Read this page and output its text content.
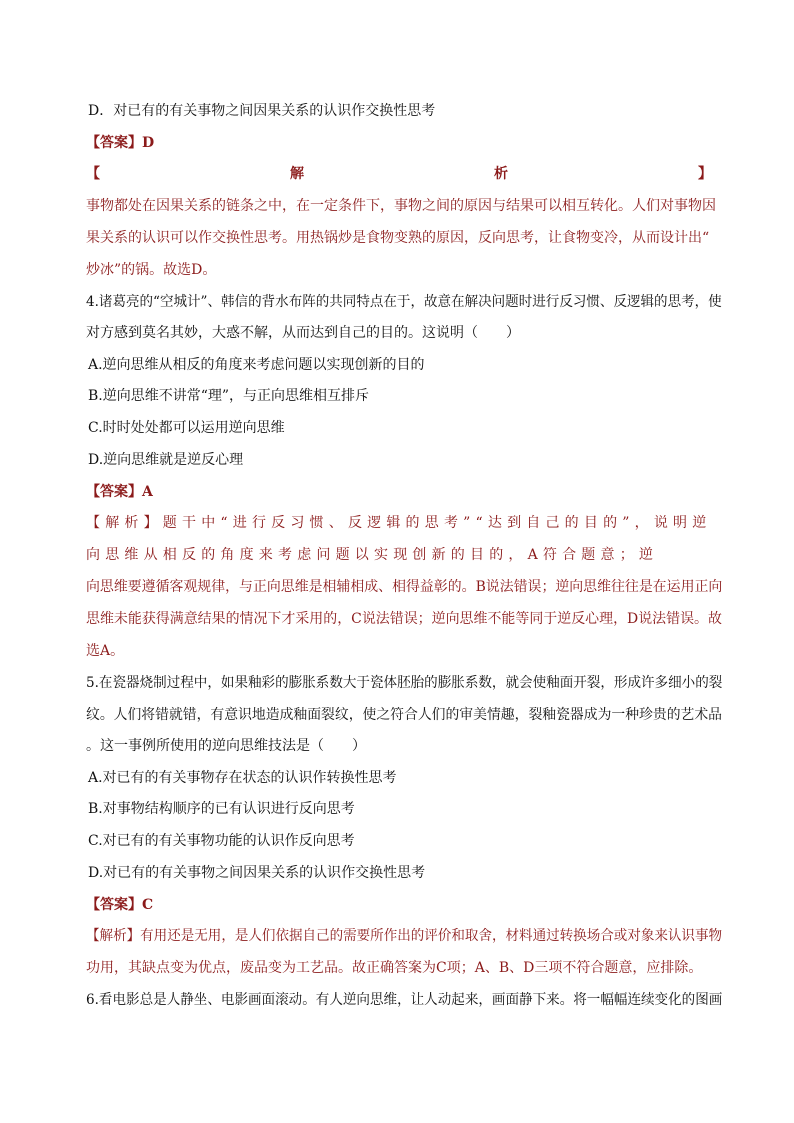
D．对已有的有关事物之间因果关系的认识作交换性思考
【答案】D
【	解	析	】
事物都处在因果关系的链条之中，在一定条件下，事物之间的原因与结果可以相互转化。人们对事物因
果关系的认识可以作交换性思考。用热锅炒是食物变熟的原因，反向思考，让食物变冷，从而设计出“
炒冰”的锅。故选D。
4.诸葛亮的“空城计”、韩信的背水布阵的共同特点在于，故意在解决问题时进行反习惯、反逻辑的思考，使
对方感到莫名其妙，大惑不解，从而达到自己的目的。这说明（　　）
A.逆向思维从相反的角度来考虑问题以实现创新的目的
B.逆向思维不讲常“理”，与正向思维相互排斥
C.时时处处都可以运用逆向思维
D.逆向思维就是逆反心理
【答案】A
【解析】题干中“进行反习惯、反逻辑的思考”“达到自己的目的”，说明逆
向思维从相反的角度来考虑问题以实现创新的目的，A符合题意；逆
向思维要遵循客观规律，与正向思维是相辅相成、相得益彰的。B说法错误；逆向思维往往是在运用正向
思维未能获得满意结果的情况下才采用的，C说法错误；逆向思维不能等同于逆反心理，D说法错误。故
选A。
5.在瓷器烧制过程中，如果釉彩的膨胀系数大于瓷体胚胎的膨胀系数，就会使釉面开裂，形成许多细小的裂
纹。人们将错就错，有意识地造成釉面裂纹，使之符合人们的审美情趣，裂釉瓷器成为一种珍贵的艺术品
。这一事例所使用的逆向思维技法是（　　）
A.对已有的有关事物存在状态的认识作转换性思考
B.对事物结构顺序的已有认识进行反向思考
C.对已有的有关事物功能的认识作反向思考
D.对已有的有关事物之间因果关系的认识作交换性思考
【答案】C
【解析】有用还是无用，是人们依据自己的需要所作出的评价和取舍，材料通过转换场合或对象来认识事物
功用，其缺点变为优点，废品变为工艺品。故正确答案为C项；A、B、D三项不符合题意，应排除。
6.看电影总是人静坐、电影画面滚动。有人逆向思维，让人动起来，画面静下来。将一幅幅连续变化的图画
